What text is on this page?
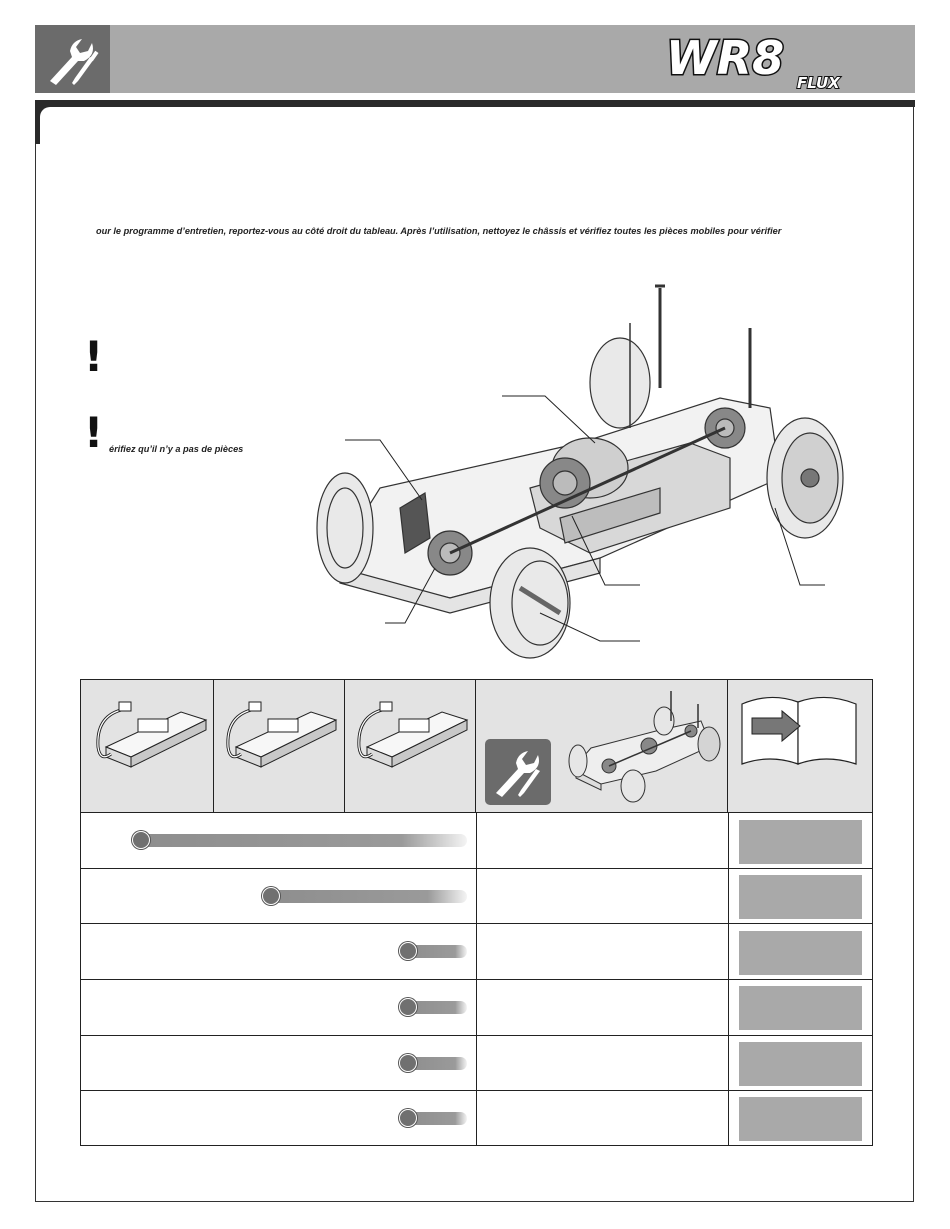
WR8 FLUX
our le programme d’entretien, reportez-vous au côté droit du tableau. Après l’utilisation, nettoyez le châssis et vérifiez toutes les pièces mobiles pour vérifier
!
! érifiez qu’il n’y a pas de pièces
